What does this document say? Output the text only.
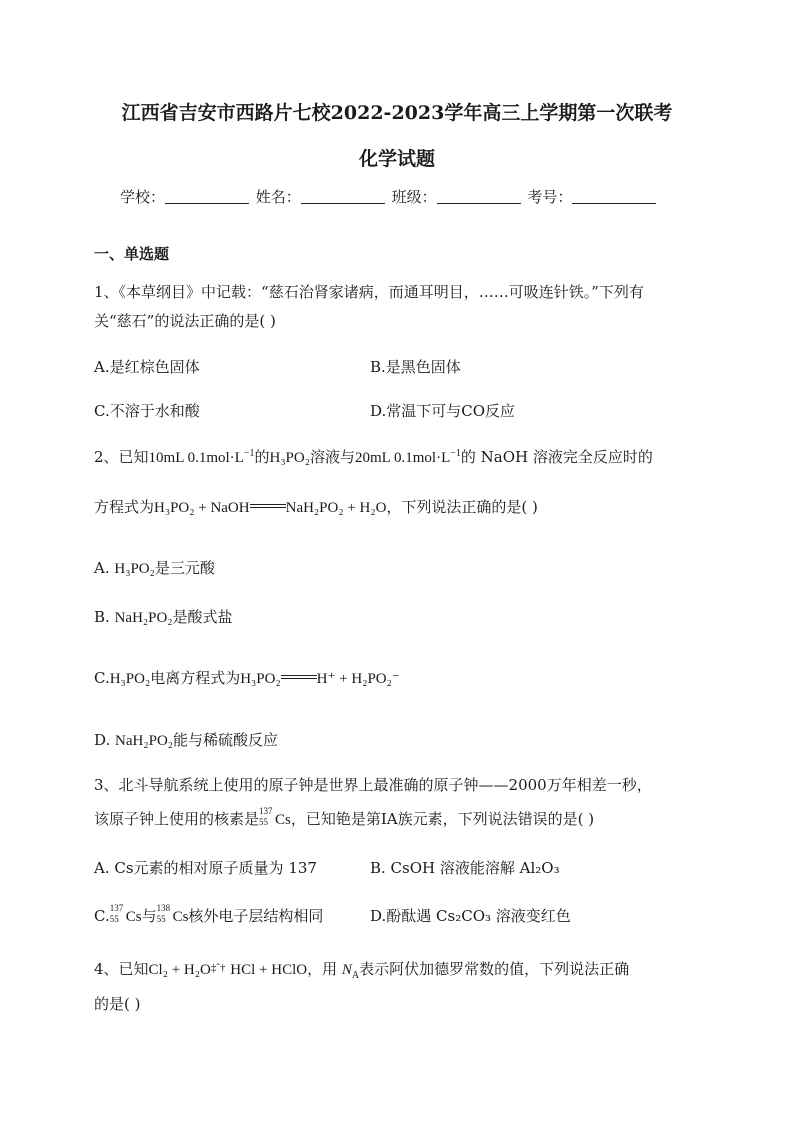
江西省吉安市西路片七校2022-2023学年高三上学期第一次联考
化学试题
学校：	姓名：	班级：	考号：
一、单选题
1、《本草纲目》中记载：“慈石治肾家诸病，而通耳明目，……可吸连针铁。”下列有
关“慈石”的说法正确的是( )
A.是红棕色固体	B.是黑色固体
C.不溶于水和酸	D.常温下可与CO反应
2、已知10mL $0.1mol\cdot L^{-1}$的H₃PO₂溶液与20mL $0.1mol\cdot L^{-1}$的 NaOH 溶液完全反应时的
方程式为H₃PO₂ + NaOH NaH₂PO₂ + H₂O，下列说法正确的是( )
A. H₃PO₂是三元酸
B. NaH₂PO₂是酸式盐
C.H₃PO₂电离方程式为H₃PO₂ H⁺ + H₂PO₂⁻
D. NaH₂PO₂能与稀硫酸反应
3、北斗导航系统上使用的原子钟是世界上最准确的原子钟——2000万年相差一秒，
该原子钟上使用的核素是 137
55 Cs，已知铯是第ⅠA族元素，下列说法错误的是( )
A. Cs元素的相对原子质量为 137	B. CsOH 溶液能溶解 Al₂O₃
C. 137
55 Cs与 138
55 Cs核外电子层结构相同	D.酚酞遇 Cs₂CO₃ 溶液变红色
4、已知$Cl_2 + H_2O^{\ddagger ˆ\dagger}$ HCl + HClO，用 $N_A$表示阿伏加德罗常数的值，下列说法正确
的是( )
